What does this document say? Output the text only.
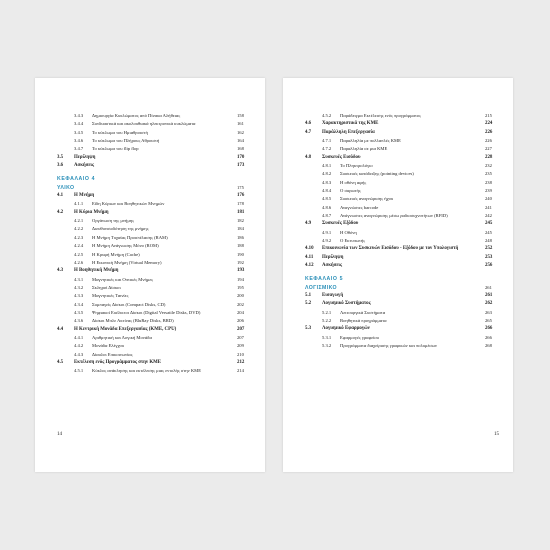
3.4.3	Δημιουργία Κυκλώματος από Πίνακα Αλήθειας	158
3.4.4	Συνδυαστικά και ακολουθιακά ηλεκτρονικά κυκλώματα	161
3.4.5	Το κύκλωμα του Ημιαθροιστή	162
3.4.6	Το κύκλωμα του Πλήρους Αθροιστή	164
3.4.7	Το κύκλωμα του flip flop	168
3.5	Περίληψη	170
3.6	Ασκήσεις	173
ΚΕΦΑΛΑΙΟ 4
ΥΛΙΚΟ	175
4.1	Η Μνήμη	176
4.1.1	Είδη Κύριων και Βοηθητικών Μνημών	178
4.2	Η Κύρια Μνήμη	181
4.2.1	Οργάνωση της μνήμης	182
4.2.2	Διευθυνσιοδότηση της μνήμης	184
4.2.3	Η Μνήμη Τυχαίας Προσπέλασης (RAM)	186
4.2.4	Η Μνήμη Ανάγνωσης Μόνο (ROM)	188
4.2.5	Η Κρυφή Μνήμη (Cache)	190
4.2.6	Η Εικονική Μνήμη (Virtual Memory)	192
4.3	Η Βοηθητική Μνήμη	193
4.3.1	Μαγνητικές και Οπτικές Μνήμες	194
4.3.2	Σκληροί Δίσκοι	195
4.3.3	Μαγνητικές Ταινίες	200
4.3.4	Συμπαγείς Δίσκοι (Compact Disks, CD)	202
4.3.5	Ψηφιακοί Ευέλικτοι Δίσκοι (Digital Versatile Disks, DVD)	204
4.3.6	Δίσκοι Μπλε Ακτίνας (BluRay Disks, BRD)	206
4.4	Η Κεντρική Μονάδα Επεξεργασίας (ΚΜΕ, CPU)	207
4.4.1	Αριθμητική και Λογική Μονάδα	207
4.4.2	Μονάδα Ελέγχου	209
4.4.3	Δίαυλοι Επικοινωνίας	210
4.5	Εκτέλεση ενός Προγράμματος στην ΚΜΕ	212
4.5.1	Κύκλος ανάκλησης και εκτέλεσης μιας εντολής στην ΚΜΕ	214
14
4.5.2	Παράδειγμα Εκτέλεσης ενός προγράμματος	215
4.6	Χαρακτηριστικά της ΚΜΕ	224
4.7	Παράλληλη Επεξεργασία	226
4.7.1	Παραλληλία με πολλαπλές ΚΜΕ	226
4.7.2	Παραλληλία σε μια ΚΜΕ	227
4.8	Συσκευές Εισόδου	228
4.8.1	Το Πληκτρολόγιο	232
4.8.2	Συσκευές κατάδειξης (pointing devices)	235
4.8.3	Η οθόνη αφής	238
4.8.4	Ο σαρωτής	239
4.8.5	Συσκευές αναγνώρισης ήχου	240
4.8.6	Αναγνώστες barcode	241
4.8.7	Ανάγνωστες αναγνώρισης μέσω ραδιοσυχνοτήτων (RFID)	242
4.9	Συσκευές Εξόδου	245
4.9.1	Η Οθόνη	245
4.9.2	Ο Εκτυπωτής	248
4.10	Επικοινωνία των Συσκευών Εισόδου - Εξόδου με τον Υπολογιστή	252
4.11	Περίληψη	253
4.12	Ασκήσεις	256
ΚΕΦΑΛΑΙΟ 5
ΛΟΓΙΣΜΙΚΟ	261
5.1	Εισαγωγή	261
5.2	Λογισμικό Συστήματος	262
5.2.1	Λειτουργικά Συστήματα	263
5.2.2	Βοηθητικά προγράμματα	265
5.3	Λογισμικό Εφαρμογών	266
5.3.1	Εφαρμογές γραφείου	266
5.3.2	Προγράμματα διαχείρισης γραφικών και πολυμέσων	268
15
